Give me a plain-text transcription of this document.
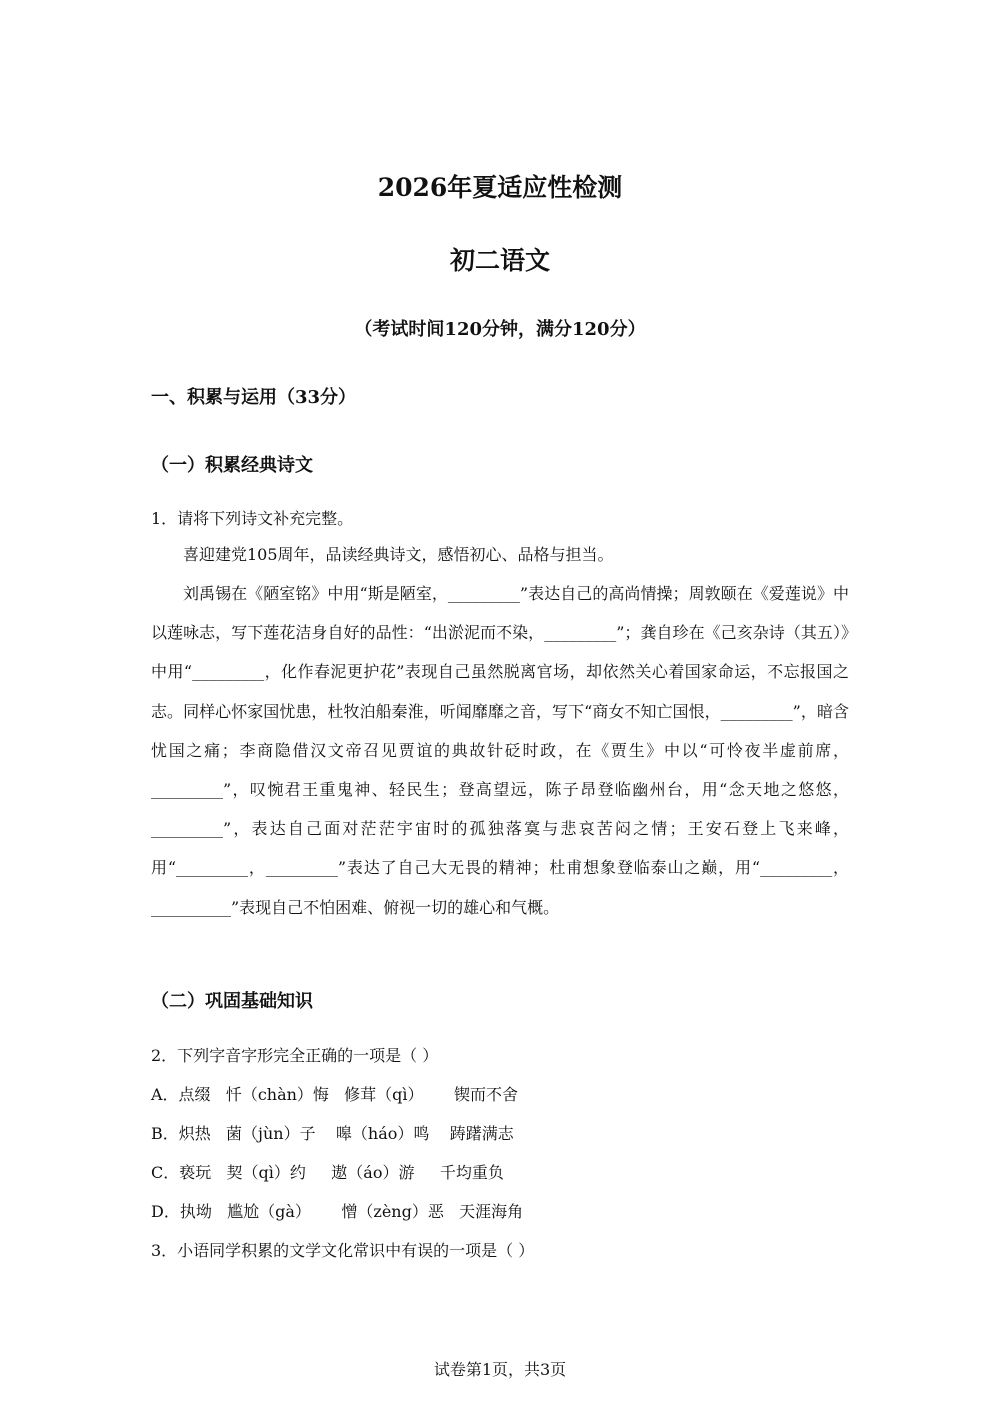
2026年夏适应性检测
初二语文
（考试时间120分钟，满分120分）
一、积累与运用（33分）
（一）积累经典诗文
1．请将下列诗文补充完整。

喜迎建党105周年，品读经典诗文，感悟初心、品格与担当。

刘禹锡在《陋室铭》中用“斯是陋室，_________”表达自己的高尚情操；周敦颐在《爱莲说》中以莲咏志，写下莲花洁身自好的品性：“出淤泥而不染，_________”；龚自珍在《己亥杂诗（其五）》中用“_________，化作春泥更护花”表现自己虽然脱离官场，却依然关心着国家命运，不忘报国之志。同样心怀家国忧患，杜牧泊船秦淮，听闻靡靡之音，写下“商女不知亡国恨，_________”，暗含忧国之痛；李商隐借汉文帝召见贾谊的典故针砭时政，在《贾生》中以“可怜夜半虚前席，_________”，叹惋君王重鬼神、轻民生；登高望远，陈子昂登临幽州台，用“念天地之悠悠，_________”，表达自己面对茫茫宇宙时的孤独落寞与悲哀苦闷之情；王安石登上飞来峰，用“_________，_________”表达了自己大无畏的精神；杜甫想象登临泰山之巅，用“_________，__________”表现自己不怕困难、俯视一切的雄心和气概。

（二）巩固基础知识
2．下列字音字形完全正确的一项是（ ）
A．点缀   忏（chàn）悔   修茸（qì）      锲而不舍
B．炽热   菌（jùn）子    嗥（háo）鸣    踌躇满志
C．亵玩   契（qì）约     遨（áo）游     千均重负
D．执坳   尴尬（gà）      憎（zèng）恶   天涯海角
3．小语同学积累的文学文化常识中有误的一项是（ ）
试卷第1页，共3页
